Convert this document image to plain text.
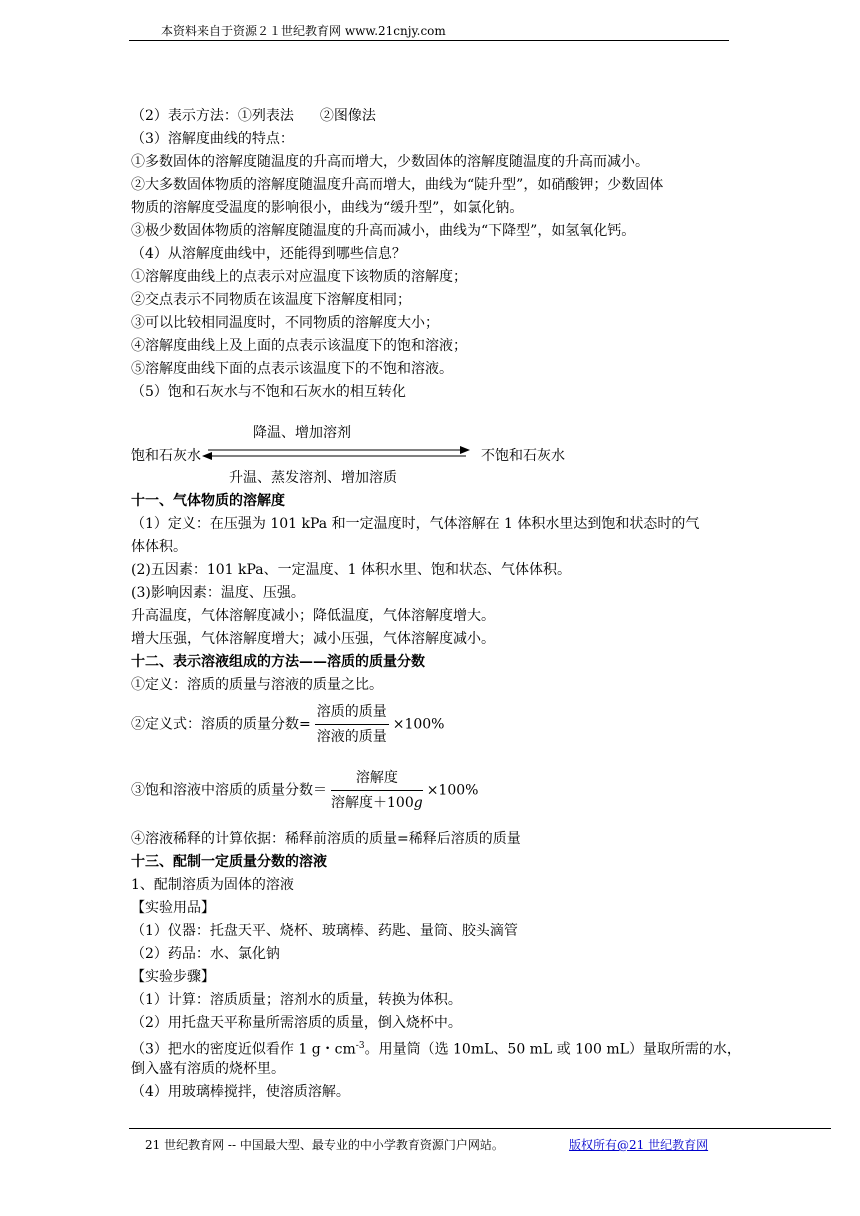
本资料来自于资源２１世纪教育网 www.21cnjy.com
（2）表示方法：①列表法 ②图像法
（3）溶解度曲线的特点：
①多数固体的溶解度随温度的升高而增大，少数固体的溶解度随温度的升高而减小。
②大多数固体物质的溶解度随温度升高而增大，曲线为“陡升型”，如硝酸钾；少数固体
物质的溶解度受温度的影响很小，曲线为“缓升型”，如氯化钠。
③极少数固体物质的溶解度随温度的升高而减小，曲线为“下降型”，如氢氧化钙。
（4）从溶解度曲线中，还能得到哪些信息？
①溶解度曲线上的点表示对应温度下该物质的溶解度；
②交点表示不同物质在该温度下溶解度相同；
③可以比较相同温度时，不同物质的溶解度大小；
④溶解度曲线上及上面的点表示该温度下的饱和溶液；
⑤溶解度曲线下面的点表示该温度下的不饱和溶液。
（5）饱和石灰水与不饱和石灰水的相互转化
降温、增加溶剂
饱和石灰水	不饱和石灰水
升温、蒸发溶剂、增加溶质
十一、气体物质的溶解度
（1）定义：在压强为 101 kPa 和一定温度时，气体溶解在 1 体积水里达到饱和状态时的气
体体积。
(2)五因素：101 kPa、一定温度、1 体积水里、饱和状态、气体体积。
(3)影响因素：温度、压强。
升高温度，气体溶解度减小；降低温度，气体溶解度增大。
增大压强，气体溶解度增大；减小压强，气体溶解度减小。
十二、表示溶液组成的方法——溶质的质量分数
①定义：溶质的质量与溶液的质量之比。
②定义式：溶质的质量分数= $\frac{\text{溶质的质量}}{\text{溶液的质量}} \times 100\%$
③饱和溶液中溶质的质量分数＝ $\frac{\text{溶解度}}{\text{溶解度＋100g}} \times 100\%$
④溶液稀释的计算依据：稀释前溶质的质量=稀释后溶质的质量
十三、配制一定质量分数的溶液
1、配制溶质为固体的溶液
【实验用品】
（1）仪器：托盘天平、烧杯、玻璃棒、药匙、量筒、胶头滴管
（2）药品：水、氯化钠
【实验步骤】
（1）计算：溶质质量；溶剂水的质量，转换为体积。
（2）用托盘天平称量所需溶质的质量，倒入烧杯中。
（3）把水的密度近似看作 1 g・$cm^{-3}$。用量筒（选 10mL、50 mL 或 100 mL）量取所需的水，
倒入盛有溶质的烧杯里。
（4）用玻璃棒搅拌，使溶质溶解。
21 世纪教育网 -- 中国最大型、最专业的中小学教育资源门户网站。	版权所有@21 世纪教育网
